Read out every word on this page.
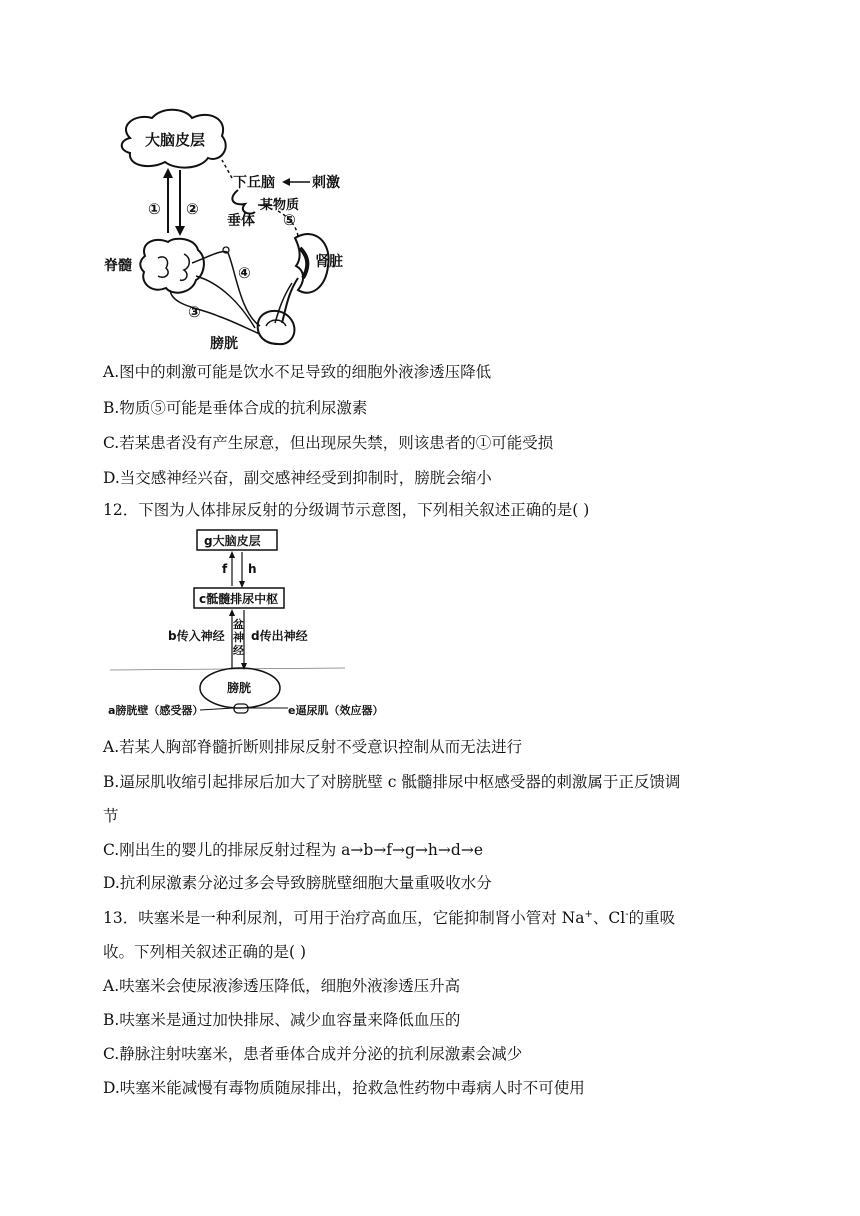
大脑皮层
① ②
下丘脑	刺激
某物质
垂体 ⑤
肾脏
脊髓	④
③
膀胱
A.图中的刺激可能是饮水不足导致的细胞外液渗透压降低
B.物质⑤可能是垂体合成的抗利尿激素
C.若某患者没有产生尿意，但出现尿失禁，则该患者的①可能受损
D.当交感神经兴奋，副交感神经受到抑制时，膀胱会缩小
12．下图为人体排尿反射的分级调节示意图，下列相关叙述正确的是( )
g大脑皮层
f h
c骶髓排尿中枢
b传入神经 d传出神经
盆 神 经
膀胱
a膀胱壁（感受器）	e逼尿肌（效应器）
A.若某人胸部脊髓折断则排尿反射不受意识控制从而无法进行
B.逼尿肌收缩引起排尿后加大了对膀胱壁 c 骶髓排尿中枢感受器的刺激属于正反馈调
节
C.刚出生的婴儿的排尿反射过程为 a→b→f→g→h→d→e
D.抗利尿激素分泌过多会导致膀胱壁细胞大量重吸收水分
13．呋塞米是一种利尿剂，可用于治疗高血压，它能抑制肾小管对 Na+、Cl-的重吸
收。下列相关叙述正确的是( )
A.呋塞米会使尿液渗透压降低，细胞外液渗透压升高
B.呋塞米是通过加快排尿、减少血容量来降低血压的
C.静脉注射呋塞米，患者垂体合成并分泌的抗利尿激素会减少
D.呋塞米能减慢有毒物质随尿排出，抢救急性药物中毒病人时不可使用
